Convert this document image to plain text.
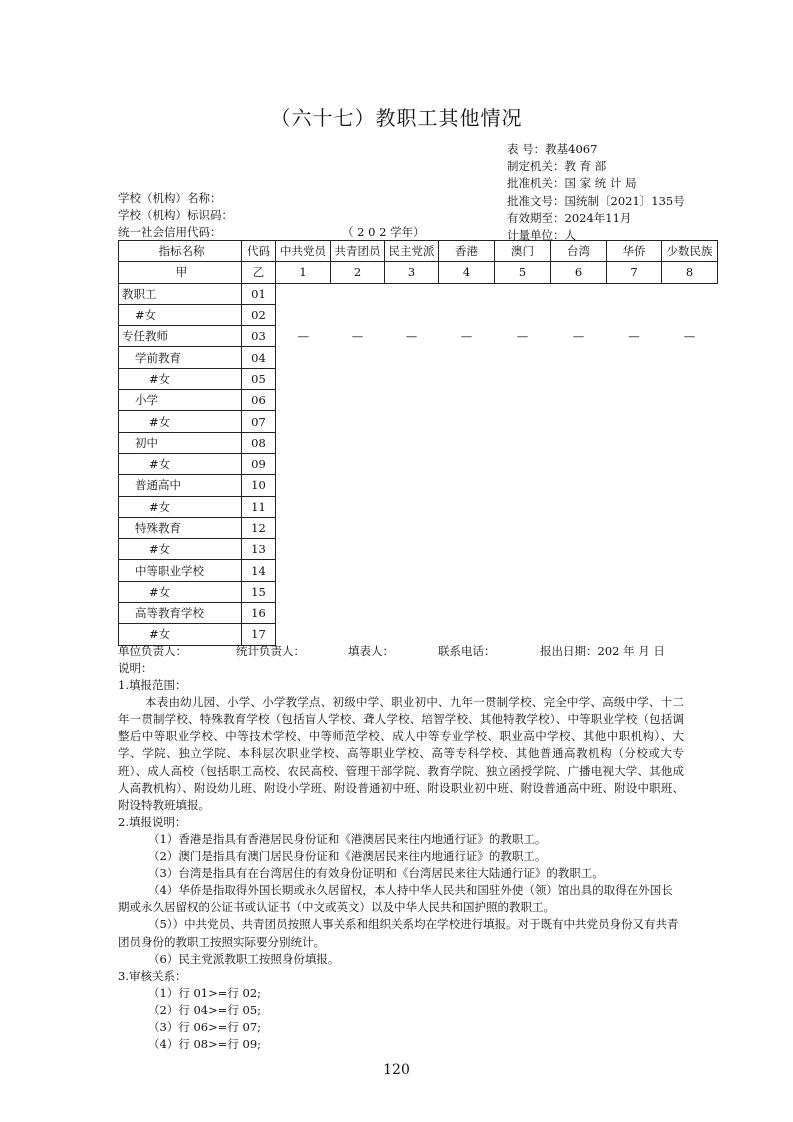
（六十七）教职工其他情况
表 号：教基4067
制定机关：教 育 部
批准机关：国 家 统 计 局
批准文号：国统制〔2021〕135号
有效期至：2024年11月
计量单位：人
学校（机构）名称：
学校（机构）标识码：
统一社会信用代码：	（ 2 0 2 学年）
指标名称	代码	中共党员	共青团员	民主党派	香港	澳门	台湾	华侨	少数民族
甲	乙	1	2	3	4	5	6	7	8
教职工	01								
#女	02								
专任教师	03	—	—	—	—	—	—	—	—
学前教育	04								
#女	05								
小学	06								
#女	07								
初中	08								
#女	09								
普通高中	10								
#女	11								
特殊教育	12								
#女	13								
中等职业学校	14								
#女	15								
高等教育学校	16								
#女	17								
单位负责人：	统计负责人：	填表人：	联系电话：	报出日期：202 年 月 日

说明：

1.填报范围：

本表由幼儿园、小学、小学教学点、初级中学、职业初中、九年一贯制学校、完全中学、高级中学、十二年一贯制学校、特殊教育学校（包括盲人学校、聋人学校、培智学校、其他特教学校）、中等职业学校（包括调整后中等职业学校、中等技术学校、中等师范学校、成人中等专业学校、职业高中学校、其他中职机构）、大学、学院、独立学院、本科层次职业学校、高等职业学校、高等专科学校、其他普通高教机构（分校或大专班）、成人高校（包括职工高校、农民高校、管理干部学院、教育学院、独立函授学院、广播电视大学、其他成人高教机构）、附设幼儿班、附设小学班、附设普通初中班、附设职业初中班、附设普通高中班、附设中职班、附设特教班填报。

2.填报说明：

（1）香港是指具有香港居民身份证和《港澳居民来往内地通行证》的教职工。

（2）澳门是指具有澳门居民身份证和《港澳居民来往内地通行证》的教职工。

（3）台湾是指具有在台湾居住的有效身份证明和《台湾居民来往大陆通行证》的教职工。

（4）华侨是指取得外国长期或永久居留权，本人持中华人民共和国驻外使（领）馆出具的取得在外国长期或永久居留权的公证书或认证书（中文或英文）以及中华人民共和国护照的教职工。

（5））中共党员、共青团员按照人事关系和组织关系均在学校进行填报。对于既有中共党员身份又有共青团员身份的教职工按照实际要分别统计。

（6）民主党派教职工按照身份填报。

3.审核关系：

（1）行 01>=行 02;

（2）行 04>=行 05;

（3）行 06>=行 07;

（4）行 08>=行 09;

120
